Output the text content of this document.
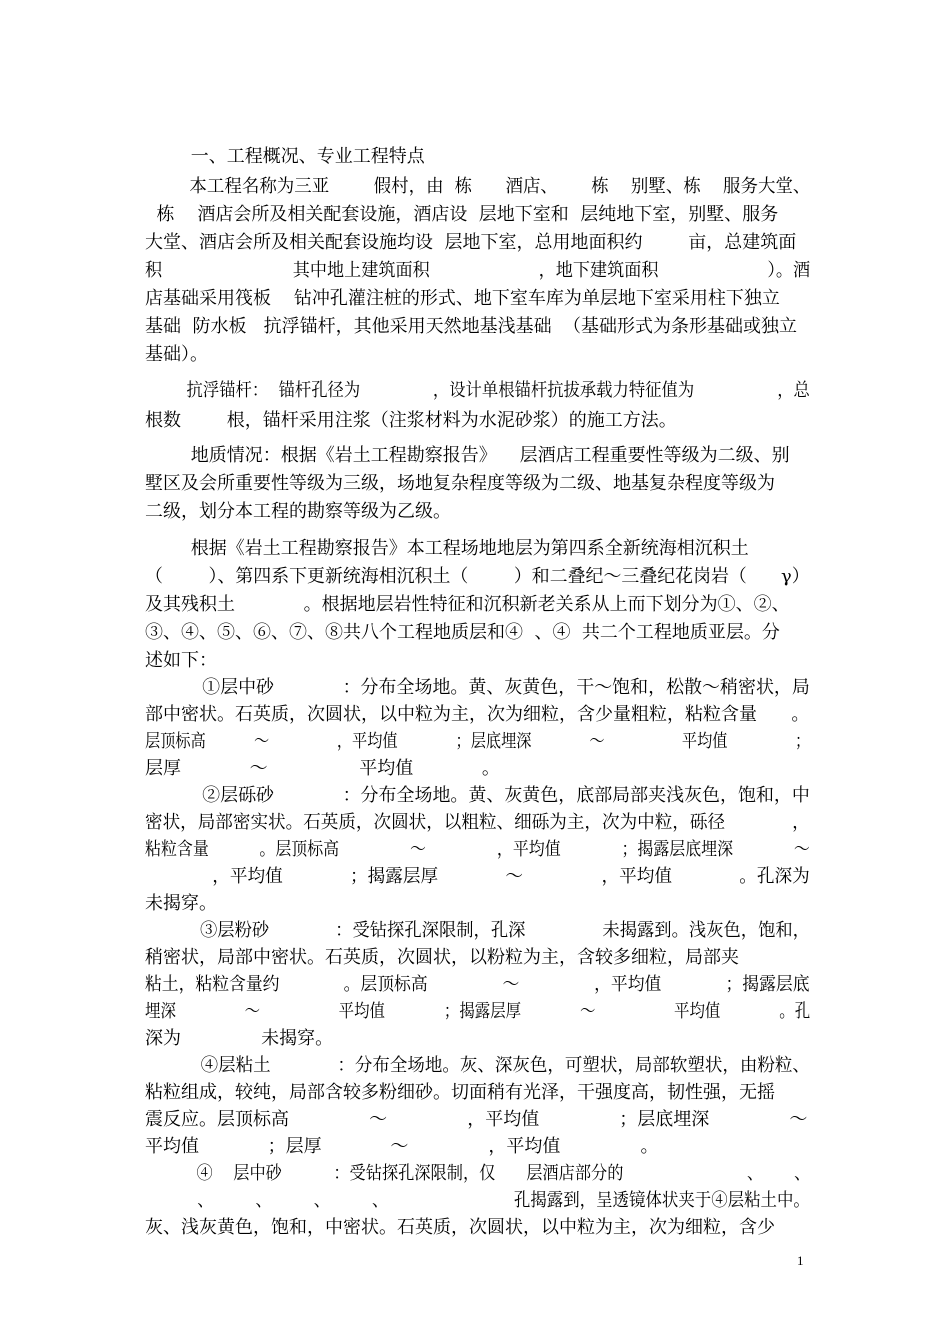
一、工程概况、专业工程特点
本工程名称为三亚        假村，由  栋      酒店、      栋    别墅、栋    服务大堂、
栋    酒店会所及相关配套设施，酒店设  层地下室和  层纯地下室，别墅、服务
大堂、酒店会所及相关配套设施均设  层地下室，总用地面积约        亩，总建筑面
积                        其中地上建筑面积                    ，地下建筑面积                    ）。酒
店基础采用筏板    钻冲孔灌注桩的形式、地下室车库为单层地下室采用柱下独立
基础  防水板   抗浮锚杆，其他采用天然地基浅基础  （基础形式为条形基础或独立
基础）。
抗浮锚杆：  锚杆孔径为              ，设计单根锚杆抗拔承载力特征值为                ，总
根数        根，锚杆采用注浆（注浆材料为水泥砂浆）的施工方法。
地质情况：根据《岩土工程勘察报告》    层酒店工程重要性等级为二级、别
墅区及会所重要性等级为三级，场地复杂程度等级为二级、地基复杂程度等级为
二级，划分本工程的勘察等级为乙级。
根据《岩土工程勘察报告》本工程场地地层为第四系全新统海相沉积土
（        ）、第四系下更新统海相沉积土（        ）和二叠纪～三叠纪花岗岩（      γ）
及其残积土            。根据地层岩性特征和沉积新老关系从上而下划分为①、②、
③、④、⑤、⑥、⑦、⑧共八个工程地质层和④  、④  共二个工程地质亚层。分
述如下：
①层中砂            ：分布全场地。黄、灰黄色，干～饱和，松散～稍密状，局
部中密状。石英质，次圆状，以中粒为主，次为细粒，含少量粗粒，粘粒含量      。
层顶标高          ～              ，平均值            ；层底埋深            ～                平均值              ；
层厚            ～                平均值            。
②层砾砂            ：分布全场地。黄、灰黄色，底部局部夹浅灰色，饱和，中
密状，局部密实状。石英质，次圆状，以粗粒、细砾为主，次为中粒，砾径            ，
粘粒含量          。层顶标高              ～              ，平均值            ；揭露层底埋深            ～
，平均值            ；揭露层厚            ～              ，平均值            。孔深为
未揭穿。
③层粉砂            ：受钻探孔深限制，孔深              未揭露到。浅灰色，饱和，
稍密状，局部中密状。石英质，次圆状，以粉粒为主，含较多细粒，局部夹
粘土，粘粒含量约            。层顶标高              ～              ，平均值            ；揭露层底
埋深              ～                平均值            ；揭露层厚            ～                平均值            。孔
深为              未揭穿。
④层粘土            ：分布全场地。灰、深灰色，可塑状，局部软塑状，由粉粒、
粘粒组成，较纯，局部含较多粉细砂。切面稍有光泽，干强度高，韧性强，无摇
震反应。层顶标高              ～              ，平均值              ；层底埋深              ～
平均值            ；层厚            ～              ，平均值              。
④    层中砂          ：受钻探孔深限制，仅      层酒店部分的                        、      、
、        、        、        、                        孔揭露到，呈透镜体状夹于④层粘土中。
灰、浅灰黄色，饱和，中密状。石英质，次圆状，以中粒为主，次为细粒，含少
1
